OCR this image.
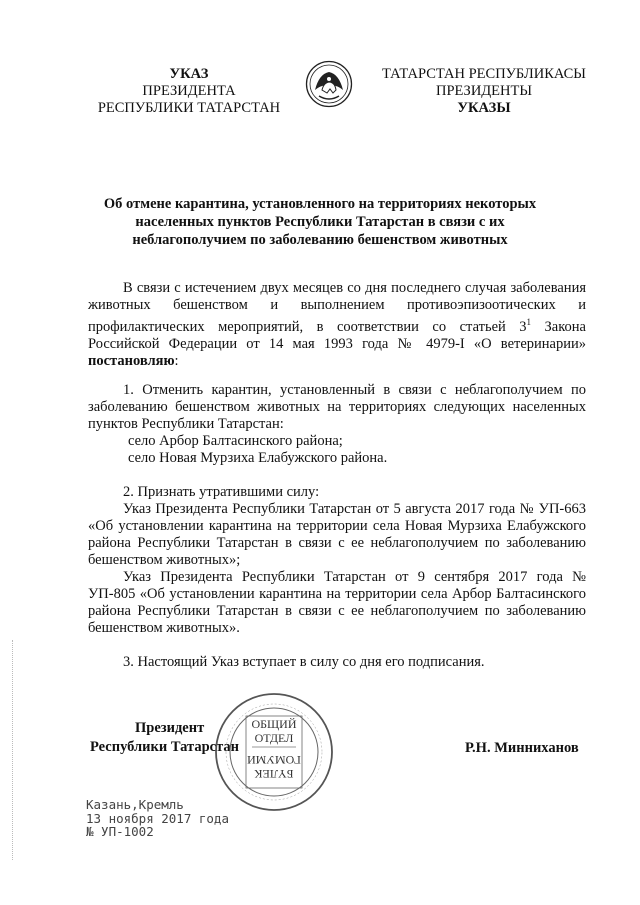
УКАЗ
ПРЕЗИДЕНТА
РЕСПУБЛИКИ ТАТАРСТАН
ТАТАРСТАН РЕСПУБЛИКАСЫ
ПРЕЗИДЕНТЫ
УКАЗЫ
Об отмене карантина, установленного на территориях некоторых
населенных пунктов Республики Татарстан в связи с их
неблагополучием по заболеванию бешенством животных

В связи с истечением двух месяцев со дня последнего случая заболевания животных бешенством и выполнением противоэпизоотических и профилактических мероприятий, в соответствии со статьей $3^1$ Закона Российской Федерации от 14 мая 1993 года № 4979-I «О ветеринарии» постановляю:

1. Отменить карантин, установленный в связи с неблагополучием по заболеванию бешенством животных на территориях следующих населенных пунктов Республики Татарстан:

село Арбор Балтасинского района;

село Новая Мурзиха Елабужского района.

2. Признать утратившими силу:

Указ Президента Республики Татарстан от 5 августа 2017 года № УП-663 «Об установлении карантина на территории села Новая Мурзиха Елабужского района Республики Татарстан в связи с ее неблагополучием по заболеванию бешенством животных»;

Указ Президента Республики Татарстан от 9 сентября 2017 года № УП-805 «Об установлении карантина на территории села Арбор Балтасинского района Республики Татарстан в связи с ее неблагополучием по заболеванию бешенством животных».

3. Настоящий Указ вступает в силу со дня его подписания.

Президент
Республики Татарстан	Р.Н. Минниханов
ОБЩИЙ
ОТДЕЛ
БҮЛЕК
ГОМУМИ
Казань,Кремль
13 ноября 2017 года
№ УП-1002
